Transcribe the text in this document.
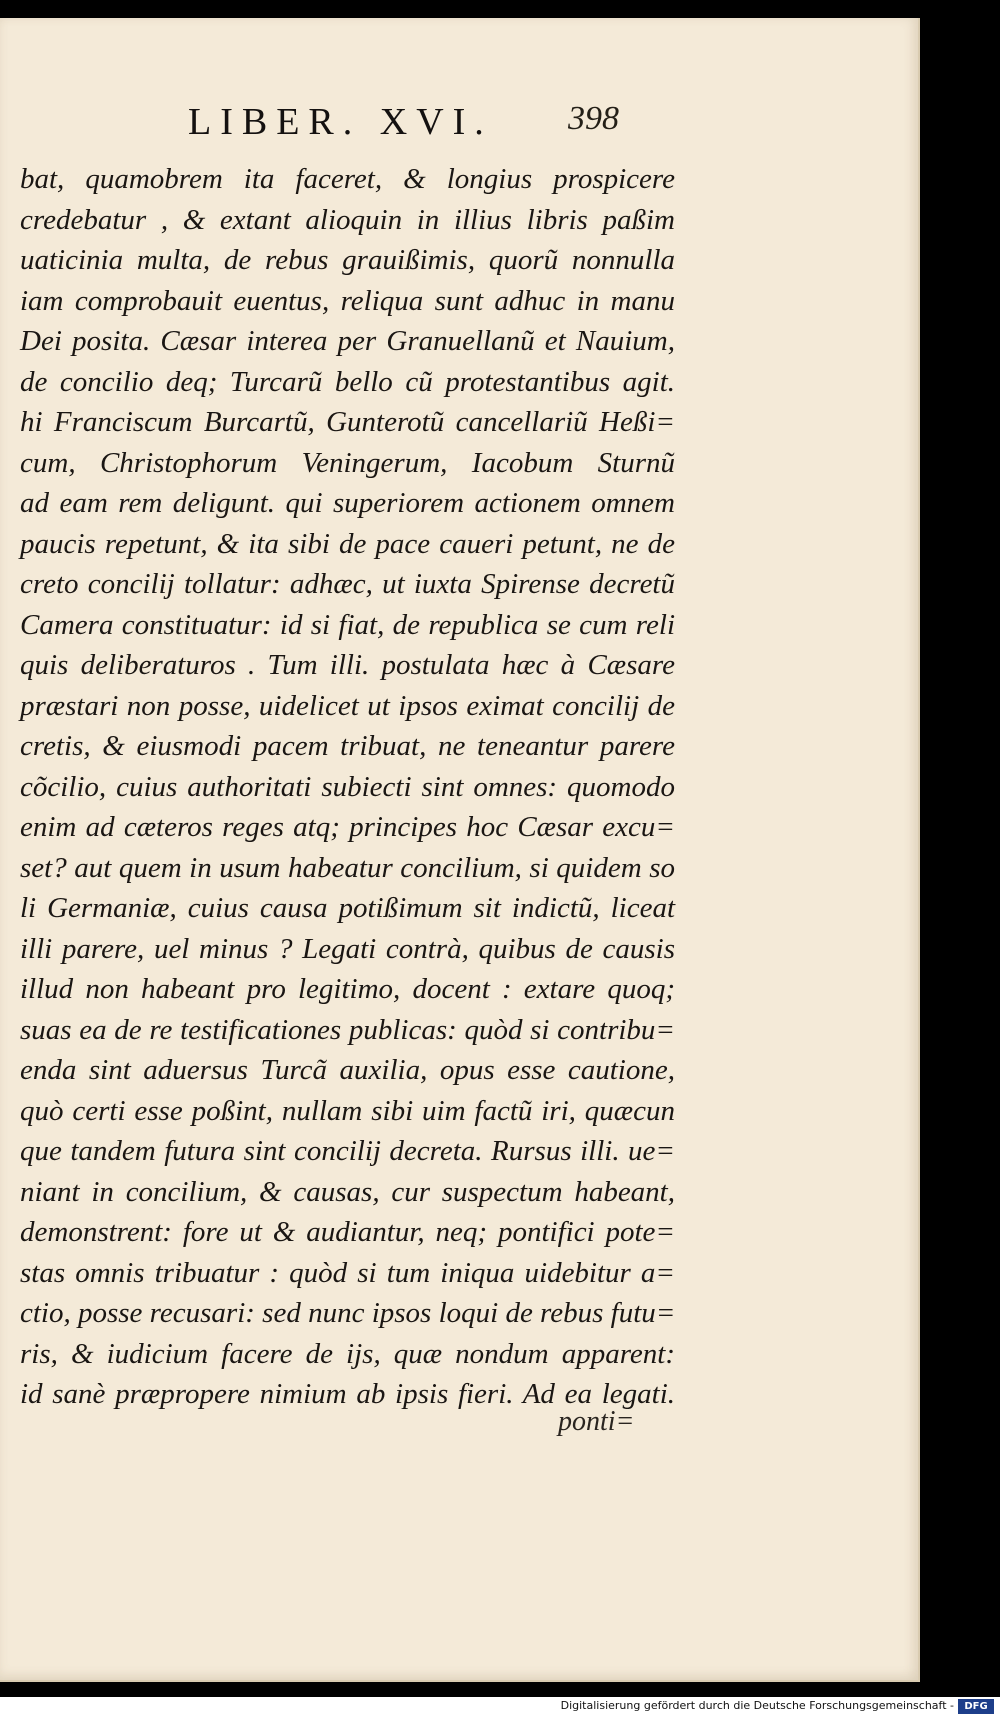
LIBER. XVI. 398
bat, quamobrem ita faceret, & longius prospicere
credebatur , & extant alioquin in illius libris paßim
uaticinia multa, de rebus grauißimis, quorũ nonnulla
iam comprobauit euentus, reliqua sunt adhuc in manu
Dei posita. Cæsar interea per Granuellanũ et Nauium,
de concilio deq; Turcarũ bello cũ protestantibus agit.
hi Franciscum Burcartũ, Gunterotũ cancellariũ Heßi=
cum, Christophorum Veningerum, Iacobum Sturnũ
ad eam rem deligunt. qui superiorem actionem omnem
paucis repetunt, & ita sibi de pace caueri petunt, ne de
creto concilij tollatur: adhæc, ut iuxta Spirense decretũ
Camera constituatur: id si fiat, de republica se cum reli
quis deliberaturos . Tum illi. postulata hæc à Cæsare
præstari non posse, uidelicet ut ipsos eximat concilij de
cretis, & eiusmodi pacem tribuat, ne teneantur parere
cõcilio, cuius authoritati subiecti sint omnes: quomodo
enim ad cæteros reges atq; principes hoc Cæsar excu=
set? aut quem in usum habeatur concilium, si quidem so
li Germaniæ, cuius causa potißimum sit indictũ, liceat
illi parere, uel minus ? Legati contrà, quibus de causis
illud non habeant pro legitimo, docent : extare quoq;
suas ea de re testificationes publicas: quòd si contribu=
enda sint aduersus Turcã auxilia, opus esse cautione,
quò certi esse poßint, nullam sibi uim factũ iri, quæcun
que tandem futura sint concilij decreta. Rursus illi. ue=
niant in concilium, & causas, cur suspectum habeant,
demonstrent: fore ut & audiantur, neq; pontifici pote=
stas omnis tribuatur : quòd si tum iniqua uidebitur a=
ctio, posse recusari: sed nunc ipsos loqui de rebus futu=
ris, & iudicium facere de ijs, quæ nondum apparent:
id sanè præpropere nimium ab ipsis fieri. Ad ea legati.
ponti=
Digitalisierung gefördert durch die Deutsche Forschungsgemeinschaft -	DFG
